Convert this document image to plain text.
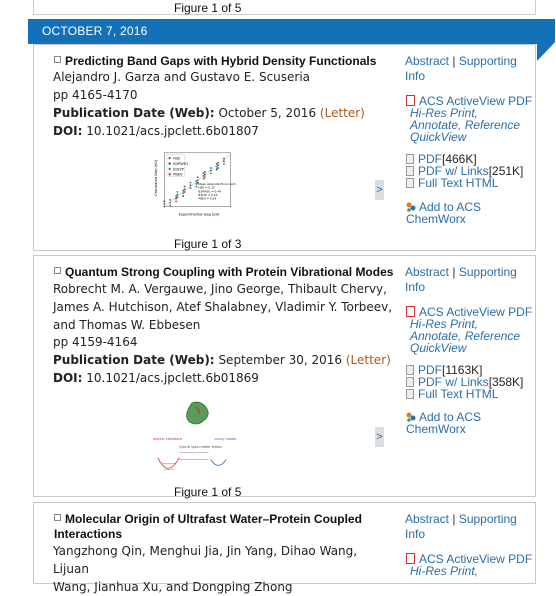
Figure 1 of 5
OCTOBER 7, 2016
Predicting Band Gaps with Hybrid Density Functionals
Alejandro J. Garza and Gustavo E. Scuseria
pp 4165-4170
Publication Date (Web): October 5, 2016 (Letter)
DOI: 10.1021/acs.jpclett.6b01807
HSE
B3PW91
B3LYP
PBE0
Mean Absolute Errors (eV)
HSE = 0.37
B3PW91 = 0.44
B3LYP = 0.44
PBE0 = 0.59
Experimental Gap (eV)
Calculated Gap (eV)
Figure 1 of 3
>
Abstract | Supporting
Info
ACS ActiveView PDF
Hi-Res Print,
Annotate, Reference
QuickView
PDF[466K]
PDF w/ Links[251K]
Full Text HTML
Add to ACS ChemWorx
Quantum Strong Coupling with Protein Vibrational Modes
Robrecht M. A. Vergauwe, Jino George, Thibault Chervy,
James A. Hutchison, Atef Shalabney, Vladimir Y. Torbeev,
and Thomas W. Ebbesen
pp 4159-4164
Publication Date (Web): September 30, 2016 (Letter)
DOI: 10.1021/acs.jpclett.6b01869
protein vibrations
hybrid light-matter states
cavity modes
Figure 1 of 5
>
Abstract | Supporting
Info
ACS ActiveView PDF
Hi-Res Print,
Annotate, Reference
QuickView
PDF[1163K]
PDF w/ Links[358K]
Full Text HTML
Add to ACS ChemWorx
Molecular Origin of Ultrafast Water–Protein Coupled
Interactions
Yangzhong Qin, Menghui Jia, Jin Yang, Dihao Wang, Lijuan
Wang, Jianhua Xu, and Dongping Zhong
Abstract | Supporting
Info
ACS ActiveView PDF
Hi-Res Print,
